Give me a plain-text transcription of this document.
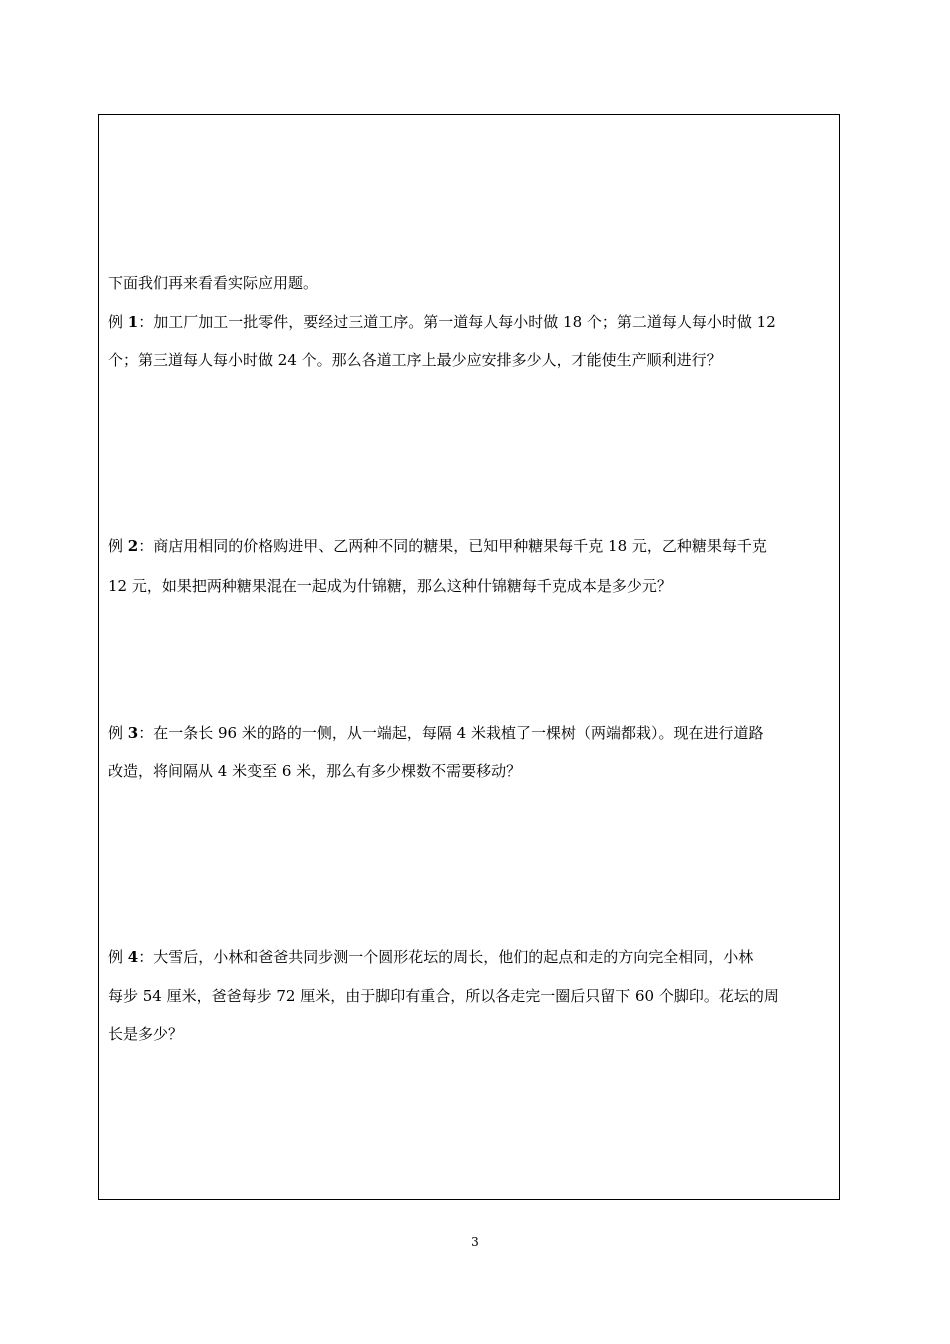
下面我们再来看看实际应用题。
例 1：加工厂加工一批零件，要经过三道工序。第一道每人每小时做 18 个；第二道每人每小时做 12
个；第三道每人每小时做 24 个。那么各道工序上最少应安排多少人，才能使生产顺利进行？
例 2：商店用相同的价格购进甲、乙两种不同的糖果，已知甲种糖果每千克 18 元，乙种糖果每千克
12 元，如果把两种糖果混在一起成为什锦糖，那么这种什锦糖每千克成本是多少元？
例 3：在一条长 96 米的路的一侧，从一端起，每隔 4 米栽植了一棵树（两端都栽）。现在进行道路
改造，将间隔从 4 米变至 6 米，那么有多少棵数不需要移动？
例 4：大雪后，小林和爸爸共同步测一个圆形花坛的周长，他们的起点和走的方向完全相同，小林
每步 54 厘米，爸爸每步 72 厘米，由于脚印有重合，所以各走完一圈后只留下 60 个脚印。花坛的周
长是多少？
3
